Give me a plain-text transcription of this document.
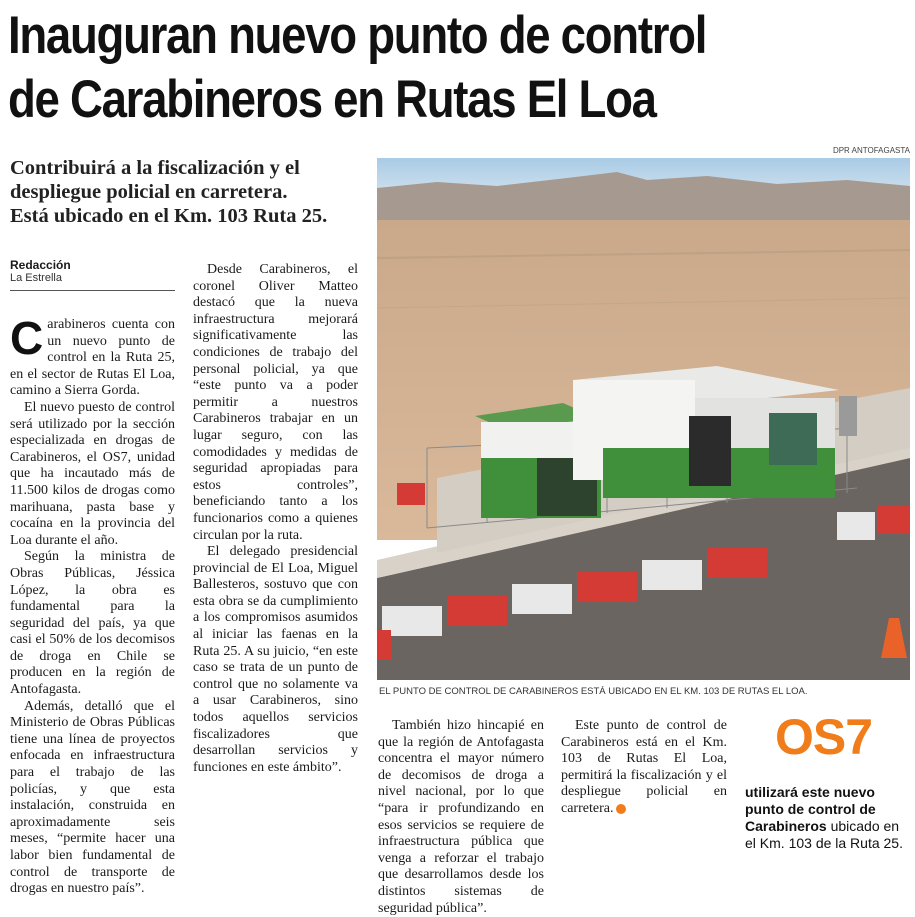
Inauguran nuevo punto de control
de Carabineros en Rutas El Loa
Contribuirá a la fiscalización y el
despliegue policial en carretera.
Está ubicado en el Km. 103 Ruta 25.
Redacción
La Estrella
C arabineros cuenta con un nuevo punto de control en la Ruta 25, en el sector de Rutas El Loa, camino a Sierra Gorda.

El nuevo puesto de control será utilizado por la sección especializada en drogas de Carabineros, el OS7, unidad que ha incautado más de 11.500 kilos de drogas como marihuana, pasta base y cocaína en la provincia del Loa durante el año.

Según la ministra de Obras Públicas, Jéssica López, la obra es fundamental para la seguridad del país, ya que casi el 50% de los decomisos de droga en Chile se producen en la región de Antofagasta.

Además, detalló que el Ministerio de Obras Públicas tiene una línea de proyectos enfocada en infraestructura para el trabajo de las policías, y que esta instalación, construida en aproximadamente seis meses, “permite hacer una labor bien fundamental de control de transporte de drogas en nuestro país”.

Desde Carabineros, el coronel Oliver Matteo destacó que la nueva infraestructura mejorará significativamente las condiciones de trabajo del personal policial, ya que “este punto va a poder permitir a nuestros Carabineros trabajar en un lugar seguro, con las comodidades y medidas de seguridad apropiadas para estos controles”, beneficiando tanto a los funcionarios como a quienes circulan por la ruta.

El delegado presidencial provincial de El Loa, Miguel Ballesteros, sostuvo que con esta obra se da cumplimiento a los compromisos asumidos al iniciar las faenas en la Ruta 25. A su juicio, “en este caso se trata de un punto de control que no solamente va a usar Carabineros, sino todos aquellos servicios fiscalizadores que desarrollan servicios y funciones en este ámbito”.

También hizo hincapié en que la región de Antofagasta concentra el mayor número de decomisos de droga a nivel nacional, por lo que “para ir profundizando en esos servicios se requiere de infraestructura pública que venga a reforzar el trabajo que desarrollamos desde los distintos sistemas de seguridad pública”.

Este punto de control de Carabineros está en el Km. 103 de Rutas El Loa, permitirá la fiscalización y el despliegue policial en carretera.

DPR ANTOFAGASTA
EL PUNTO DE CONTROL DE CARABINEROS ESTÁ UBICADO EN EL KM. 103 DE RUTAS EL LOA.
OS7
utilizará este nuevo punto de control de Carabineros ubicado en el Km. 103 de la Ruta 25.
